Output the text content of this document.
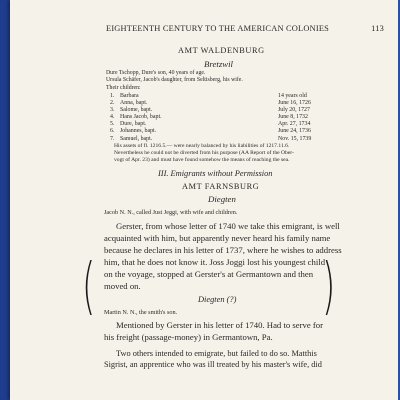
EIGHTEENTH CENTURY TO THE AMERICAN COLONIES	113
AMT WALDENBURG
Bretzwil
Dure Tschopp, Dure's son, 40 years of age.
Ursula Schäfer, Jacob's daughter, from Seltisberg, his wife.
Their children:
1. Barbara	14 years old
2. Anna, bapt.	June 16, 1726
3. Salome, bapt.	July 20, 1727
4. Hans Jacob, bapt.	June 8, 1732
5. Dure, bapt.	Apr. 27, 1734
6. Johannes, bapt.	June 24, 1736
7. Samuel, bapt.	Nov. 15, 1739
His assets of fl. 1216.5.— were nearly balanced by his liabilities of 1217.11.6.
Nevertheless he could not be diverted from his purpose (AA Report of the Ober-
vogt of Apr. 23) and must have found somehow the means of reaching the sea.
III. Emigrants without Permission
AMT FARNSBURG
Diegten
Jacob N. N., called Just Jeggi, with wife and children.

Gerster, from whose letter of 1740 we take this emigrant, is well

acquainted with him, but apparently never heard his family name

because he declares in his letter of 1737, where he wishes to address

him, that he does not know it. Joss Joggi lost his youngest child

on the voyage, stopped at Gerster's at Germantown and then

moved on.

Diegten (?)
Martin N. N., the smith's son.

Mentioned by Gerster in his letter of 1740. Had to serve for

his freight (passage-money) in Germantown, Pa.

(	)

Two others intended to emigrate, but failed to do so. Matthis

Sigrist, an apprentice who was ill treated by his master's wife, did
